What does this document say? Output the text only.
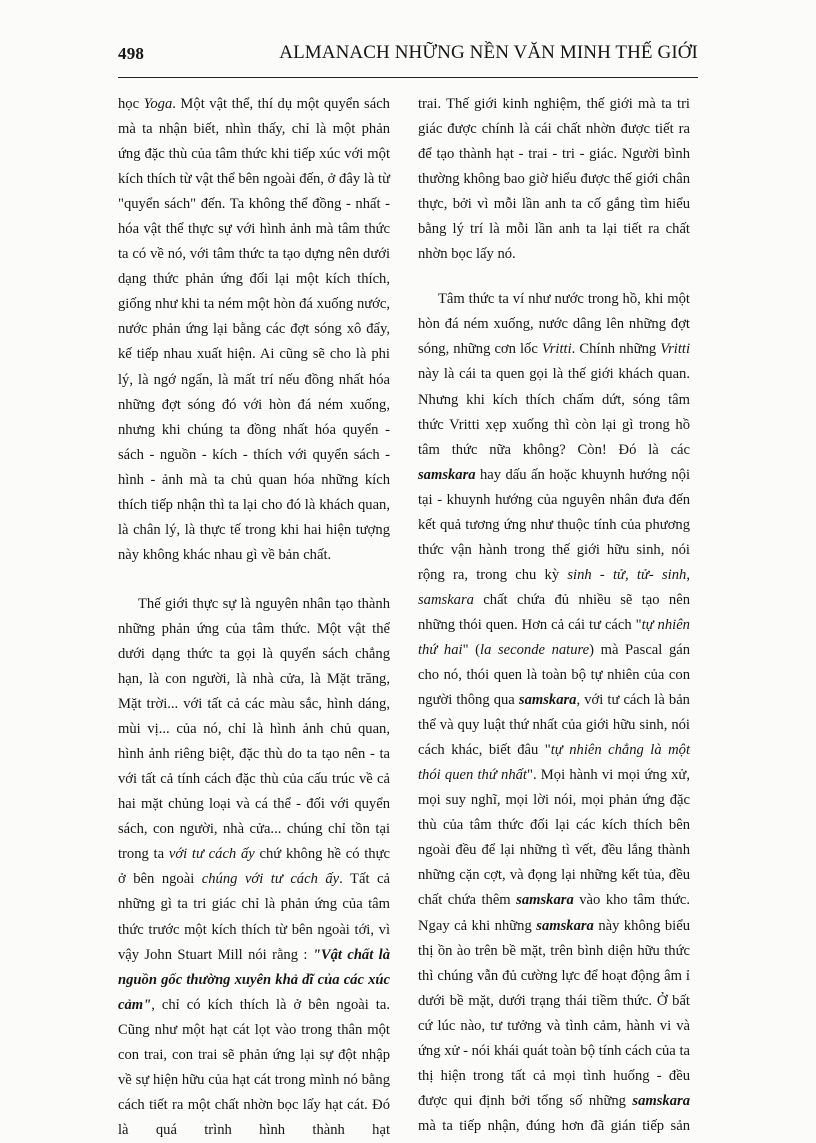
498	ALMANACH NHỮNG NỀN VĂN MINH THẾ GIỚI

học Yoga. Một vật thể, thí dụ một quyển sách mà ta nhận biết, nhìn thấy, chỉ là một phản ứng đặc thù của tâm thức khi tiếp xúc với một kích thích từ vật thể bên ngoài đến, ở đây là từ "quyển sách" đến. Ta không thể đồng - nhất - hóa vật thể thực sự với hình ảnh mà tâm thức ta có về nó, với tâm thức ta tạo dựng nên dưới dạng thức phản ứng đối lại một kích thích, giống như khi ta ném một hòn đá xuống nước, nước phản ứng lại bằng các đợt sóng xô đẩy, kế tiếp nhau xuất hiện. Ai cũng sẽ cho là phi lý, là ngớ ngẩn, là mất trí nếu đồng nhất hóa những đợt sóng đó với hòn đá ném xuống, nhưng khi chúng ta đồng nhất hóa quyển - sách - nguồn - kích - thích với quyển sách - hình - ảnh mà ta chủ quan hóa những kích thích tiếp nhận thì ta lại cho đó là khách quan, là chân lý, là thực tế trong khi hai hiện tượng này không khác nhau gì về bản chất.

Thế giới thực sự là nguyên nhân tạo thành những phản ứng của tâm thức. Một vật thể dưới dạng thức ta gọi là quyển sách chẳng hạn, là con người, là nhà cửa, là Mặt trăng, Mặt trời... với tất cả các màu sắc, hình dáng, mùi vị... của nó, chỉ là hình ảnh chủ quan, hình ảnh riêng biệt, đặc thù do ta tạo nên - ta với tất cả tính cách đặc thù của cấu trúc về cả hai mặt chủng loại và cá thể - đối với quyển sách, con người, nhà cửa... chúng chỉ tồn tại trong ta với tư cách ấy chứ không hề có thực ở bên ngoài chúng với tư cách ấy. Tất cả những gì ta tri giác chỉ là phản ứng của tâm thức trước một kích thích từ bên ngoài tới, vì vậy John Stuart Mill nói rằng : "Vật chất là nguồn gốc thường xuyên khả dĩ của các xúc cảm", chỉ có kích thích là ở bên ngoài ta. Cũng như một hạt cát lọt vào trong thân một con trai, con trai sẽ phản ứng lại sự đột nhập về sự hiện hữu của hạt cát trong mình nó bằng cách tiết ra một chất nhờn bọc lấy hạt cát. Đó là quá trình hình thành hạt

trai. Thế giới kinh nghiệm, thế giới mà ta tri giác được chính là cái chất nhờn được tiết ra để tạo thành hạt - trai - tri - giác. Người bình thường không bao giờ hiểu được thế giới chân thực, bởi vì mỗi lần anh ta cố gắng tìm hiểu bằng lý trí là mỗi lần anh ta lại tiết ra chất nhờn bọc lấy nó.

Tâm thức ta ví như nước trong hồ, khi một hòn đá ném xuống, nước dâng lên những đợt sóng, những cơn lốc Vritti. Chính những Vritti này là cái ta quen gọi là thế giới khách quan. Nhưng khi kích thích chấm dứt, sóng tâm thức Vritti xẹp xuống thì còn lại gì trong hồ tâm thức nữa không? Còn! Đó là các samskara hay dấu ấn hoặc khuynh hướng nội tại - khuynh hướng của nguyên nhân đưa đến kết quả tương ứng như thuộc tính của phương thức vận hành trong thế giới hữu sinh, nói rộng ra, trong chu kỳ sinh - tử, tử- sinh, samskara chất chứa đủ nhiều sẽ tạo nên những thói quen. Hơn cả cái tư cách "tự nhiên thứ hai" (la seconde nature) mà Pascal gán cho nó, thói quen là toàn bộ tự nhiên của con người thông qua samskara, với tư cách là bản thể và quy luật thứ nhất của giới hữu sinh, nói cách khác, biết đâu "tự nhiên chẳng là một thói quen thứ nhất". Mọi hành vi mọi ứng xử, mọi suy nghĩ, mọi lời nói, mọi phản ứng đặc thù của tâm thức đối lại các kích thích bên ngoài đều để lại những tì vết, đều lắng thành những cặn cợt, và đọng lại những kết tủa, đều chất chứa thêm samskara vào kho tâm thức. Ngay cả khi những samskara này không biểu thị ồn ào trên bề mặt, trên bình diện hữu thức thì chúng vẫn đủ cường lực để hoạt động âm ỉ dưới bề mặt, dưới trạng thái tiềm thức. Ở bất cứ lúc nào, tư tưởng và tình cảm, hành vi và ứng xử - nói khái quát toàn bộ tính cách của ta thị hiện trong tất cả mọi tình huống - đều được qui định bởi tổng số những samskara mà ta tiếp nhận, đúng hơn đã gián tiếp sản
